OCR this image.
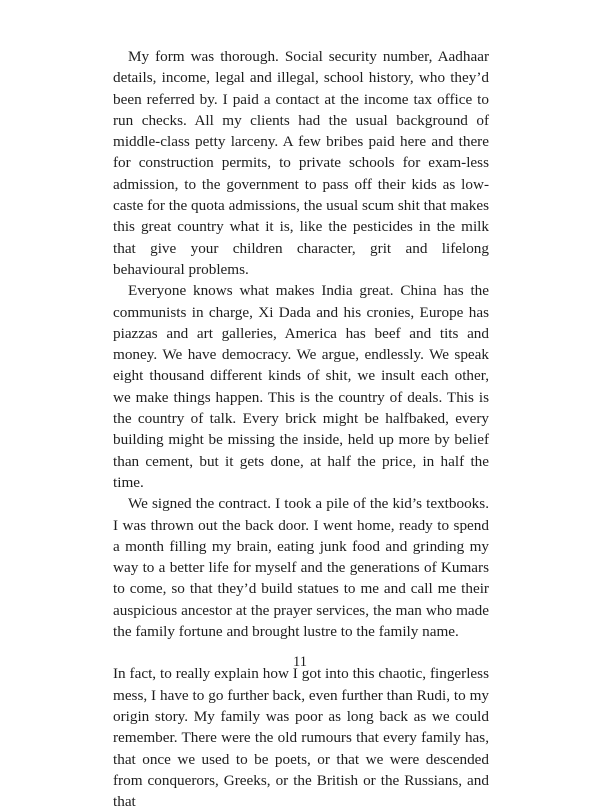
My form was thorough. Social security number, Aadhaar details, income, legal and illegal, school history, who they’d been referred by. I paid a contact at the income tax office to run checks. All my clients had the usual background of middle-class petty larceny. A few bribes paid here and there for construction permits, to private schools for exam-less admission, to the government to pass off their kids as low-caste for the quota admissions, the usual scum shit that makes this great country what it is, like the pesticides in the milk that give your children character, grit and lifelong behavioural problems.

Everyone knows what makes India great. China has the communists in charge, Xi Dada and his cronies, Europe has piazzas and art galleries, America has beef and tits and money. We have democracy. We argue, endlessly. We speak eight thousand different kinds of shit, we insult each other, we make things happen. This is the country of deals. This is the country of talk. Every brick might be halfbaked, every building might be missing the inside, held up more by belief than cement, but it gets done, at half the price, in half the time.

We signed the contract. I took a pile of the kid’s textbooks. I was thrown out the back door. I went home, ready to spend a month filling my brain, eating junk food and grinding my way to a better life for myself and the generations of Kumars to come, so that they’d build statues to me and call me their auspicious ancestor at the prayer services, the man who made the family fortune and brought lustre to the family name.

In fact, to really explain how I got into this chaotic, fingerless mess, I have to go further back, even further than Rudi, to my origin story. My family was poor as long back as we could remember. There were the old rumours that every family has, that once we used to be poets, or that we were descended from conquerors, Greeks, or the British or the Russians, and that

11
